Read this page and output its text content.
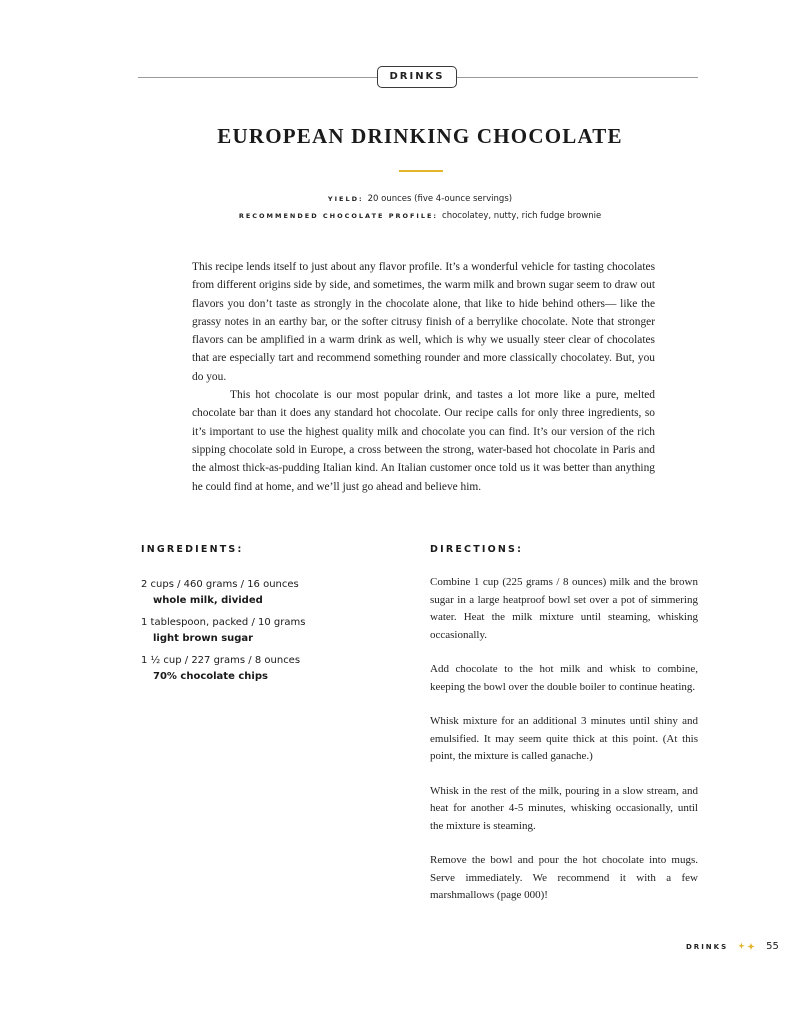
DRINKS
EUROPEAN DRINKING CHOCOLATE
YIELD: 20 ounces (five 4-ounce servings)
RECOMMENDED CHOCOLATE PROFILE: chocolatey, nutty, rich fudge brownie

This recipe lends itself to just about any flavor profile. It’s a wonderful vehicle for tasting chocolates from different origins side by side, and sometimes, the warm milk and brown sugar seem to draw out flavors you don’t taste as strongly in the chocolate alone, that like to hide behind others— like the grassy notes in an earthy bar, or the softer citrusy finish of a berrylike chocolate. Note that stronger flavors can be amplified in a warm drink as well, which is why we usually steer clear of chocolates that are especially tart and recommend something rounder and more classically chocolatey. But, you do you.

This hot chocolate is our most popular drink, and tastes a lot more like a pure, melted chocolate bar than it does any standard hot chocolate. Our recipe calls for only three ingredients, so it’s important to use the highest quality milk and chocolate you can find. It’s our version of the rich sipping chocolate sold in Europe, a cross between the strong, water-based hot chocolate in Paris and the almost thick-as-pudding Italian kind. An Italian customer once told us it was better than anything he could find at home, and we’ll just go ahead and believe him.

INGREDIENTS:	DIRECTIONS:
2 cups / 460 grams / 16 ounces
whole milk, divided
1 tablespoon, packed / 10 grams
light brown sugar
1 ½ cup / 227 grams / 8 ounces
70% chocolate chips
Combine 1 cup (225 grams / 8 ounces) milk and the brown sugar in a large heatproof bowl set over a pot of simmering water. Heat the milk mixture until steaming, whisking occasionally.
Add chocolate to the hot milk and whisk to combine, keeping the bowl over the double boiler to continue heating.
Whisk mixture for an additional 3 minutes until shiny and emulsified. It may seem quite thick at this point. (At this point, the mixture is called ganache.)
Whisk in the rest of the milk, pouring in a slow stream, and heat for another 4-5 minutes, whisking occasionally, until the mixture is steaming.
Remove the bowl and pour the hot chocolate into mugs. Serve immediately. We recommend it with a few marshmallows (page 000)!
DRINKS	55
